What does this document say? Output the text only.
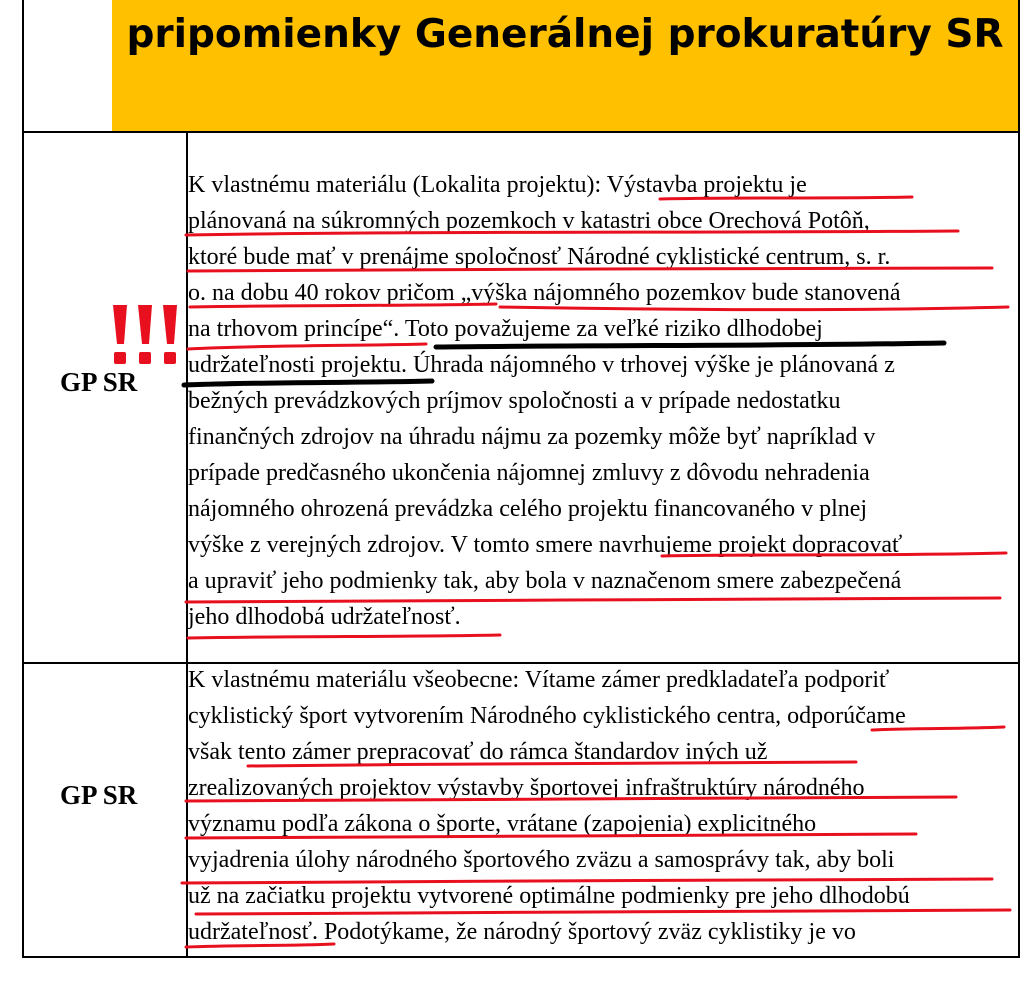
pripomienky Generálnej prokuratúry SR
GP SR
GP SR
K vlastnému materiálu (Lokalita projektu): Výstavba projektu je
plánovaná na súkromných pozemkoch v katastri obce Orechová Potôň,
ktoré bude mať v prenájme spoločnosť Národné cyklistické centrum, s. r.
o. na dobu 40 rokov pričom „výška nájomného pozemkov bude stanovená
na trhovom princípe“. Toto považujeme za veľké riziko dlhodobej
udržateľnosti projektu. Úhrada nájomného v trhovej výške je plánovaná z
bežných prevádzkových príjmov spoločnosti a v prípade nedostatku
finančných zdrojov na úhradu nájmu za pozemky môže byť napríklad v
prípade predčasného ukončenia nájomnej zmluvy z dôvodu nehradenia
nájomného ohrozená prevádzka celého projektu financovaného v plnej
výške z verejných zdrojov. V tomto smere navrhujeme projekt dopracovať
a upraviť jeho podmienky tak, aby bola v naznačenom smere zabezpečená
jeho dlhodobá udržateľnosť.
K vlastnému materiálu všeobecne: Vítame zámer predkladateľa podporiť
cyklistický šport vytvorením Národného cyklistického centra, odporúčame
však tento zámer prepracovať do rámca štandardov iných už
zrealizovaných projektov výstavby športovej infraštruktúry národného
významu podľa zákona o športe, vrátane (zapojenia) explicitného
vyjadrenia úlohy národného športového zväzu a samosprávy tak, aby boli
už na začiatku projektu vytvorené optimálne podmienky pre jeho dlhodobú
udržateľnosť. Podotýkame, že národný športový zväz cyklistiky je vo
